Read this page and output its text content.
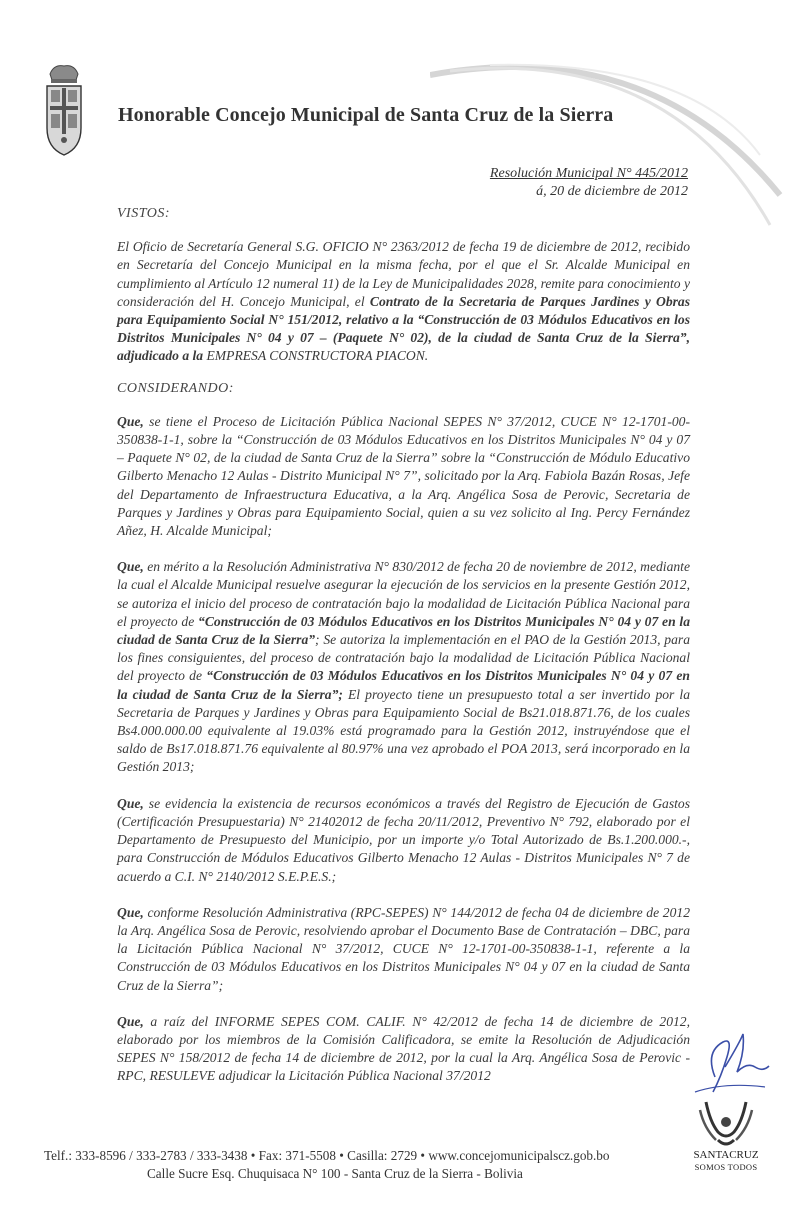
Honorable Concejo Municipal de Santa Cruz de la Sierra
Resolución Municipal N° 445/2012
á, 20 de diciembre de 2012
VISTOS:

El Oficio de Secretaría General S.G. OFICIO N° 2363/2012 de fecha 19 de diciembre de 2012, recibido en Secretaría del Concejo Municipal en la misma fecha, por el que el Sr. Alcalde Municipal en cumplimiento al Artículo 12 numeral 11) de la Ley de Municipalidades 2028, remite para conocimiento y consideración del H. Concejo Municipal, el Contrato de la Secretaria de Parques Jardines y Obras para Equipamiento Social N° 151/2012, relativo a la “Construcción de 03 Módulos Educativos en los Distritos Municipales N° 04 y 07 – (Paquete N° 02), de la ciudad de Santa Cruz de la Sierra”, adjudicado a la EMPRESA CONSTRUCTORA PIACON.

CONSIDERANDO:

Que, se tiene el Proceso de Licitación Pública Nacional SEPES N° 37/2012, CUCE N° 12-1701-00-350838-1-1, sobre la “Construcción de 03 Módulos Educativos en los Distritos Municipales N° 04 y 07 – Paquete N° 02, de la ciudad de Santa Cruz de la Sierra” sobre la “Construcción de Módulo Educativo Gilberto Menacho 12 Aulas - Distrito Municipal N° 7”, solicitado por la Arq. Fabiola Bazán Rosas, Jefe del Departamento de Infraestructura Educativa, a la Arq. Angélica Sosa de Perovic, Secretaria de Parques y Jardines y Obras para Equipamiento Social, quien a su vez solicito al Ing. Percy Fernández Añez, H. Alcalde Municipal;

Que, en mérito a la Resolución Administrativa N° 830/2012 de fecha 20 de noviembre de 2012, mediante la cual el Alcalde Municipal resuelve asegurar la ejecución de los servicios en la presente Gestión 2012, se autoriza el inicio del proceso de contratación bajo la modalidad de Licitación Pública Nacional para el proyecto de “Construcción de 03 Módulos Educativos en los Distritos Municipales N° 04 y 07 en la ciudad de Santa Cruz de la Sierra”; Se autoriza la implementación en el PAO de la Gestión 2013, para los fines consiguientes, del proceso de contratación bajo la modalidad de Licitación Pública Nacional del proyecto de “Construcción de 03 Módulos Educativos en los Distritos Municipales N° 04 y 07 en la ciudad de Santa Cruz de la Sierra”; El proyecto tiene un presupuesto total a ser invertido por la Secretaria de Parques y Jardines y Obras para Equipamiento Social de Bs21.018.871.76, de los cuales Bs4.000.000.00 equivalente al 19.03% está programado para la Gestión 2012, instruyéndose que el saldo de Bs17.018.871.76 equivalente al 80.97% una vez aprobado el POA 2013, será incorporado en la Gestión 2013;

Que, se evidencia la existencia de recursos económicos a través del Registro de Ejecución de Gastos (Certificación Presupuestaria) N° 21402012 de fecha 20/11/2012, Preventivo N° 792, elaborado por el Departamento de Presupuesto del Municipio, por un importe y/o Total Autorizado de Bs.1.200.000.-, para Construcción de Módulos Educativos Gilberto Menacho 12 Aulas - Distritos Municipales N° 7 de acuerdo a C.I. N° 2140/2012 S.E.P.E.S.;

Que, conforme Resolución Administrativa (RPC-SEPES) N° 144/2012 de fecha 04 de diciembre de 2012 la Arq. Angélica Sosa de Perovic, resolviendo aprobar el Documento Base de Contratación – DBC, para la Licitación Pública Nacional N° 37/2012, CUCE N° 12-1701-00-350838-1-1, referente a la Construcción de 03 Módulos Educativos en los Distritos Municipales N° 04 y 07 en la ciudad de Santa Cruz de la Sierra”;

Que, a raíz del INFORME SEPES COM. CALIF. N° 42/2012 de fecha 14 de diciembre de 2012, elaborado por los miembros de la Comisión Calificadora, se emite la Resolución de Adjudicación SEPES N° 158/2012 de fecha 14 de diciembre de 2012, por la cual la Arq. Angélica Sosa de Perovic - RPC, RESULEVE adjudicar la Licitación Pública Nacional 37/2012

SANTACRUZ
SOMOS TODOS
Telf.: 333-8596 / 333-2783 / 333-3438 • Fax: 371-5508 • Casilla: 2729 • www.concejomunicipalscz.gob.bo
Calle Sucre Esq. Chuquisaca N° 100 - Santa Cruz de la Sierra - Bolivia
